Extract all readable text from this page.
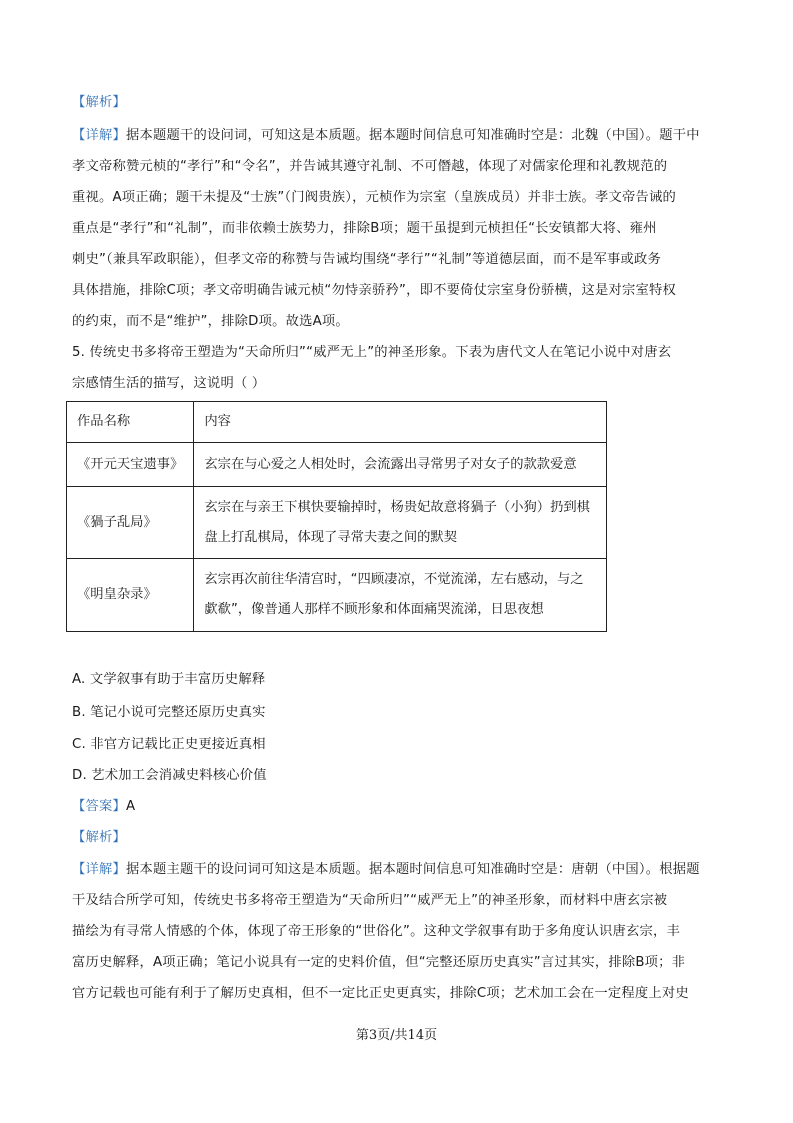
【解析】
【详解】据本题题干的设问词，可知这是本质题。据本题时间信息可知准确时空是：北魏（中国）。题干中
孝文帝称赞元桢的“孝行”和“令名”，并告诫其遵守礼制、不可僭越，体现了对儒家伦理和礼教规范的
重视。A项正确；题干未提及“士族”（门阀贵族），元桢作为宗室（皇族成员）并非士族。孝文帝告诫的
重点是“孝行”和“礼制”，而非依赖士族势力，排除B项；题干虽提到元桢担任“长安镇都大将、雍州
刺史”（兼具军政职能），但孝文帝的称赞与告诫均围绕“孝行”“礼制”等道德层面，而不是军事或政务
具体措施，排除C项；孝文帝明确告诫元桢“勿恃亲骄矜”，即不要倚仗宗室身份骄横，这是对宗室特权
的约束，而不是“维护”，排除D项。故选A项。
5. 传统史书多将帝王塑造为“天命所归”“威严无上”的神圣形象。下表为唐代文人在笔记小说中对唐玄
宗感情生活的描写，这说明（ ）
作品名称	内容

《开元天宝遗事》	玄宗在与心爱之人相处时，会流露出寻常男子对女子的款款爱意

《猧子乱局》	玄宗在与亲王下棋快要输掉时，杨贵妃故意将猧子（小狗）扔到棋
盘上打乱棋局，体现了寻常夫妻之间的默契

《明皇杂录》	玄宗再次前往华清宫时，“四顾凄凉，不觉流涕，左右感动，与之
歔欷”，像普通人那样不顾形象和体面痛哭流涕，日思夜想
A. 文学叙事有助于丰富历史解释
B. 笔记小说可完整还原历史真实
C. 非官方记载比正史更接近真相
D. 艺术加工会消减史料核心价值
【答案】A
【解析】
【详解】据本题主题干的设问词可知这是本质题。据本题时间信息可知准确时空是：唐朝（中国）。根据题
干及结合所学可知，传统史书多将帝王塑造为“天命所归”“威严无上”的神圣形象，而材料中唐玄宗被
描绘为有寻常人情感的个体，体现了帝王形象的“世俗化”。这种文学叙事有助于多角度认识唐玄宗，丰
富历史解释，A项正确；笔记小说具有一定的史料价值，但“完整还原历史真实”言过其实，排除B项；非
官方记载也可能有利于了解历史真相，但不一定比正史更真实，排除C项；艺术加工会在一定程度上对史
第3页/共14页
